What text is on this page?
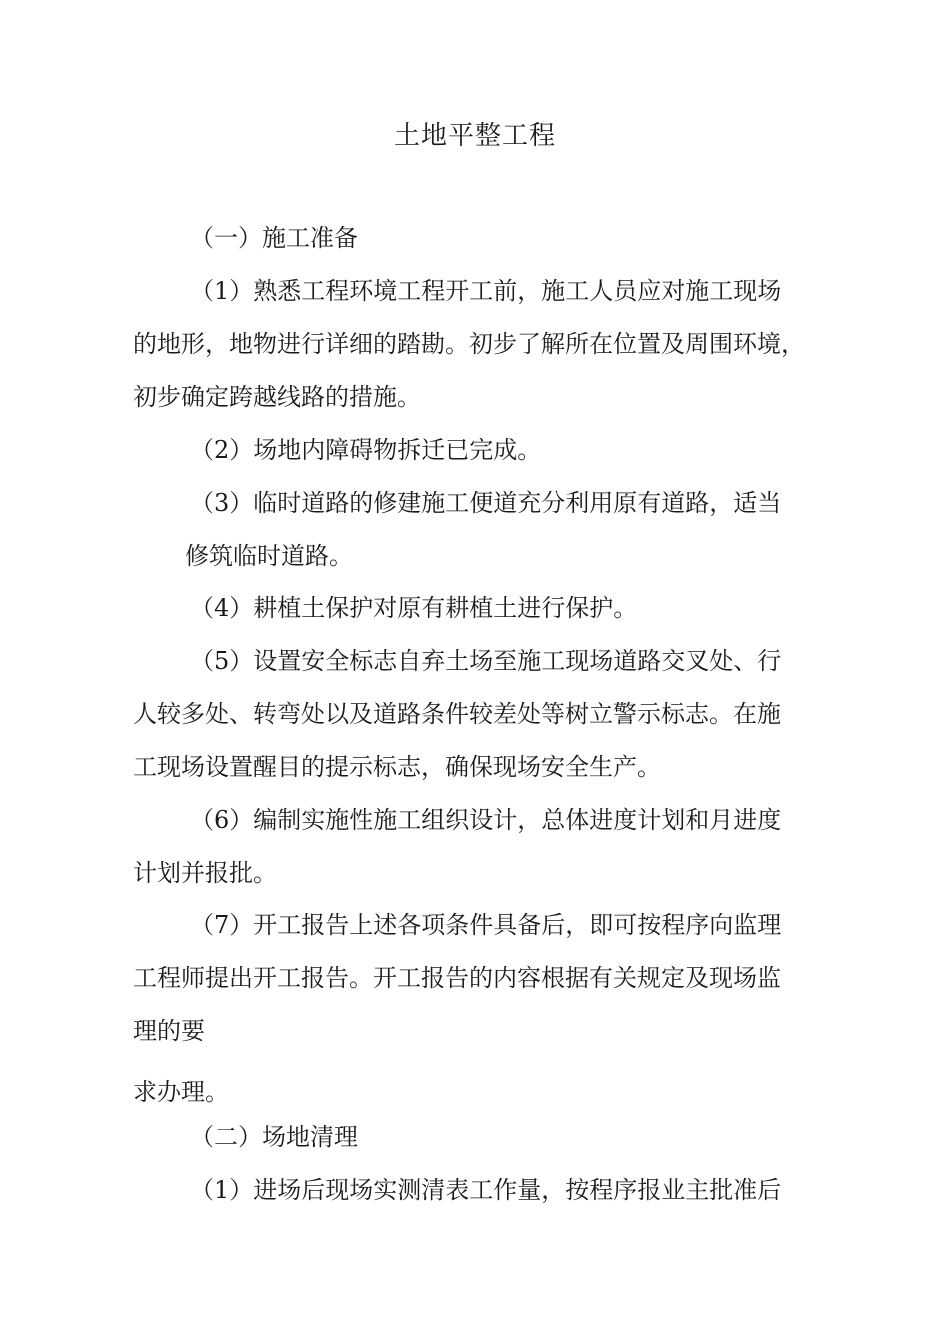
土地平整工程

（一）施工准备

（1）熟悉工程环境工程开工前，施工人员应对施工现场

的地形，地物进行详细的踏勘。初步了解所在位置及周围环境，

初步确定跨越线路的措施。

（2）场地内障碍物拆迁已完成。

（3）临时道路的修建施工便道充分利用原有道路，适当

修筑临时道路。

（4）耕植土保护对原有耕植土进行保护。

（5）设置安全标志自弃土场至施工现场道路交叉处、行

人较多处、转弯处以及道路条件较差处等树立警示标志。在施

工现场设置醒目的提示标志，确保现场安全生产。

（6）编制实施性施工组织设计，总体进度计划和月进度

计划并报批。

（7）开工报告上述各项条件具备后，即可按程序向监理

工程师提出开工报告。开工报告的内容根据有关规定及现场监

理的要

求办理。

（二）场地清理

（1）进场后现场实测清表工作量，按程序报业主批准后
